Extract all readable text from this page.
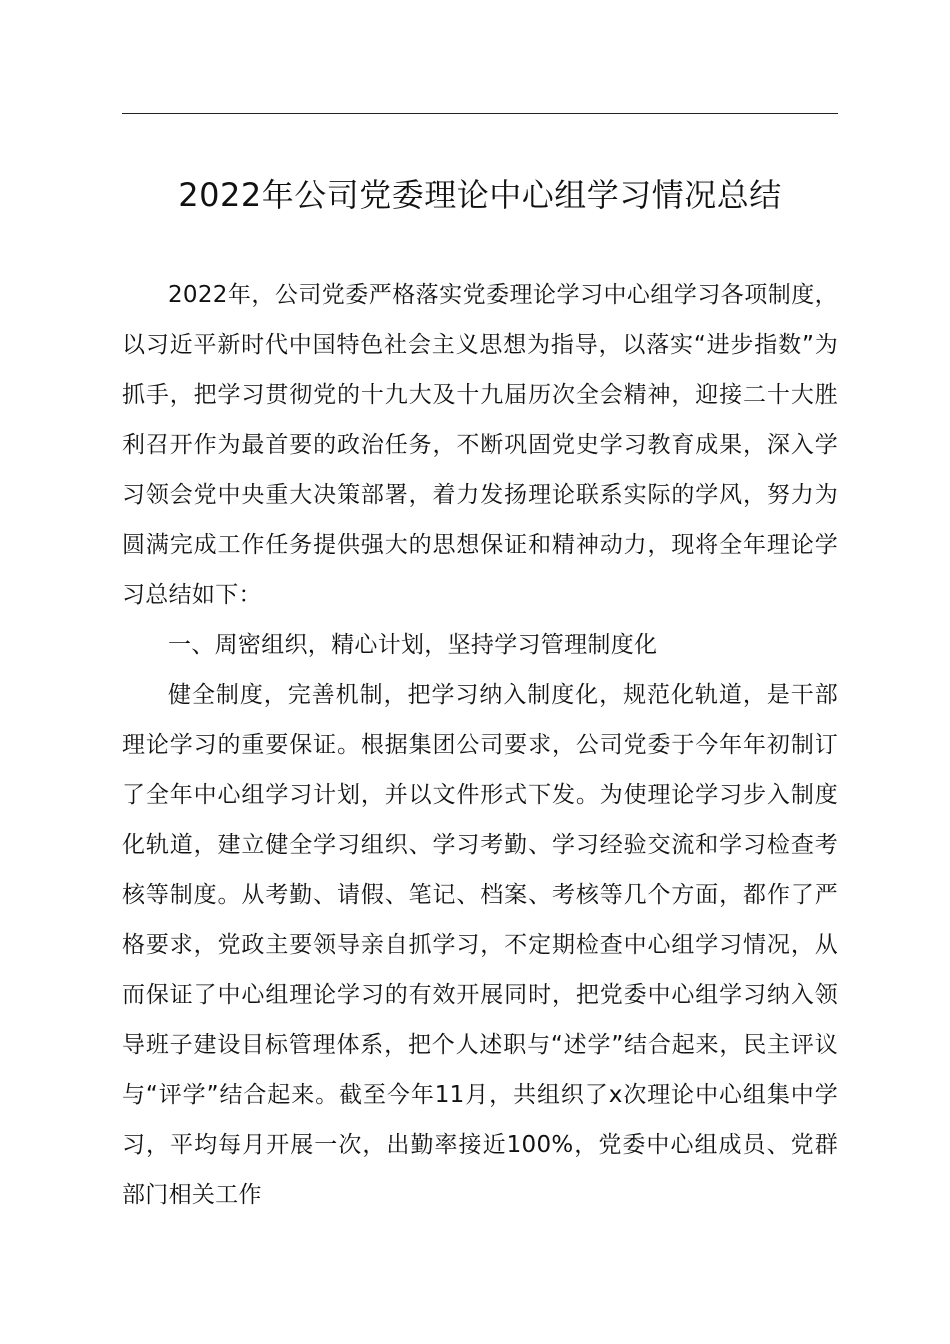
2022年公司党委理论中心组学习情况总结

2022年，公司党委严格落实党委理论学习中心组学习各项制度，以习近平新时代中国特色社会主义思想为指导，以落实“进步指数”为抓手，把学习贯彻党的十九大及十九届历次全会精神，迎接二十大胜利召开作为最首要的政治任务，不断巩固党史学习教育成果，深入学习领会党中央重大决策部署，着力发扬理论联系实际的学风，努力为圆满完成工作任务提供强大的思想保证和精神动力，现将全年理论学习总结如下：

一、周密组织，精心计划，坚持学习管理制度化

健全制度，完善机制，把学习纳入制度化，规范化轨道，是干部理论学习的重要保证。根据集团公司要求，公司党委于今年年初制订了全年中心组学习计划，并以文件形式下发。为使理论学习步入制度化轨道，建立健全学习组织、学习考勤、学习经验交流和学习检查考核等制度。从考勤、请假、笔记、档案、考核等几个方面，都作了严格要求，党政主要领导亲自抓学习，不定期检查中心组学习情况，从而保证了中心组理论学习的有效开展同时，把党委中心组学习纳入领导班子建设目标管理体系，把个人述职与“述学”结合起来，民主评议与“评学”结合起来。截至今年11月，共组织了x次理论中心组集中学习，平均每月开展一次，出勤率接近100%，党委中心组成员、党群部门相关工作
